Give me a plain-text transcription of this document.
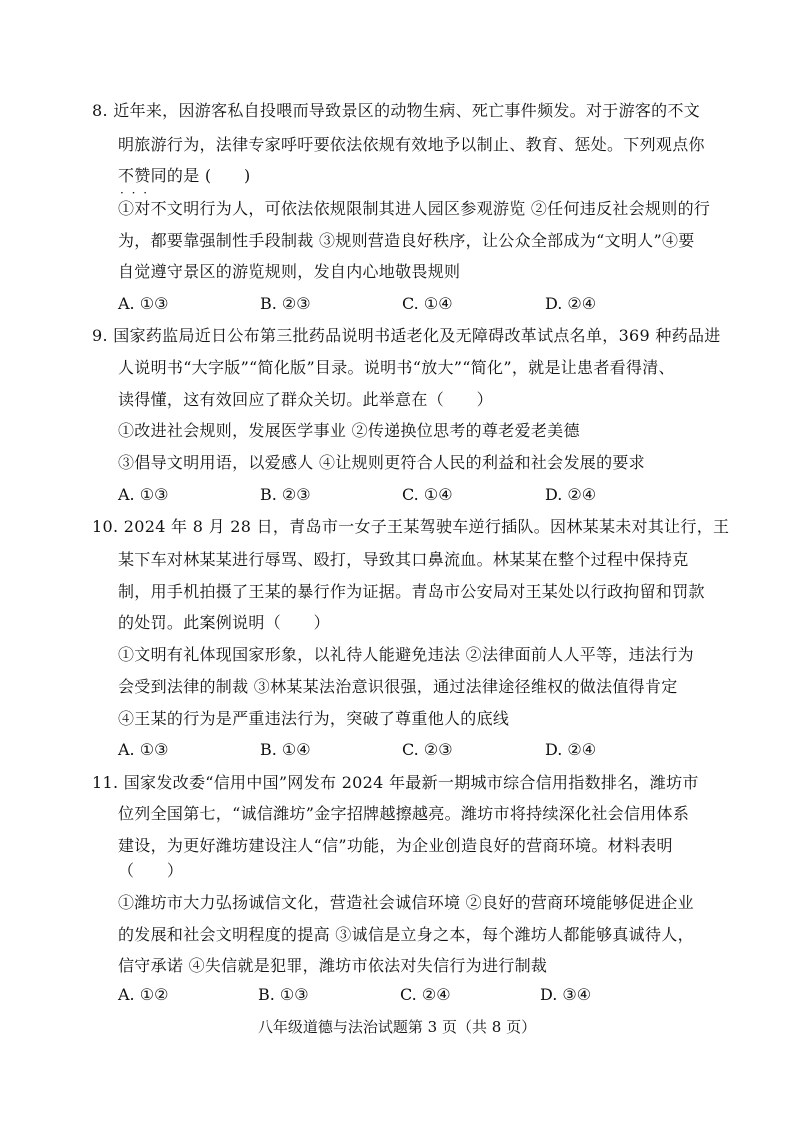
8. 近年来，因游客私自投喂而导致景区的动物生病、死亡事件频发。对于游客的不文
明旅游行为，法律专家呼吁要依法依规有效地予以制止、教育、惩处。下列观点你
不赞同的是 · · · (　　)
①对不文明行为人，可依法依规限制其进人园区参观游览 ②任何违反社会规则的行
为，都要靠强制性手段制裁 ③规则营造良好秩序，让公众全部成为“文明人”④要
自觉遵守景区的游览规则，发自内心地敬畏规则
A. ①③	B. ②③	C. ①④	D. ②④
9. 国家药监局近日公布第三批药品说明书适老化及无障碍改革试点名单，369 种药品进
人说明书“大字版”“简化版”目录。说明书“放大”“简化”，就是让患者看得清、
读得懂，这有效回应了群众关切。此举意在（　　）
①改进社会规则，发展医学事业 ②传递换位思考的尊老爱老美德
③倡导文明用语，以爱感人 ④让规则更符合人民的利益和社会发展的要求
A. ①③	B. ②③	C. ①④	D. ②④
10. 2024 年 8 月 28 日，青岛市一女子王某驾驶车逆行插队。因林某某未对其让行，王
某下车对林某某进行辱骂、殴打，导致其口鼻流血。林某某在整个过程中保持克
制，用手机拍摄了王某的暴行作为证据。青岛市公安局对王某处以行政拘留和罚款
的处罚。此案例说明（　　）
①文明有礼体现国家形象，以礼待人能避免违法 ②法律面前人人平等，违法行为
会受到法律的制裁 ③林某某法治意识很强，通过法律途径维权的做法值得肯定
④王某的行为是严重违法行为，突破了尊重他人的底线
A. ①③	B. ①④	C. ②③	D. ②④
11. 国家发改委“信用中国”网发布 2024 年最新一期城市综合信用指数排名，潍坊市
位列全国第七，“诚信潍坊”金字招牌越擦越亮。潍坊市将持续深化社会信用体系
建设，为更好潍坊建设注人“信”功能，为企业创造良好的营商环境。材料表明
（　　）
①潍坊市大力弘扬诚信文化，营造社会诚信环境 ②良好的营商环境能够促进企业
的发展和社会文明程度的提高 ③诚信是立身之本，每个潍坊人都能够真诚待人，
信守承诺 ④失信就是犯罪，潍坊市依法对失信行为进行制裁
A. ①②	B. ①③	C. ②④	D. ③④
八年级道德与法治试题第 3 页（共 8 页）
